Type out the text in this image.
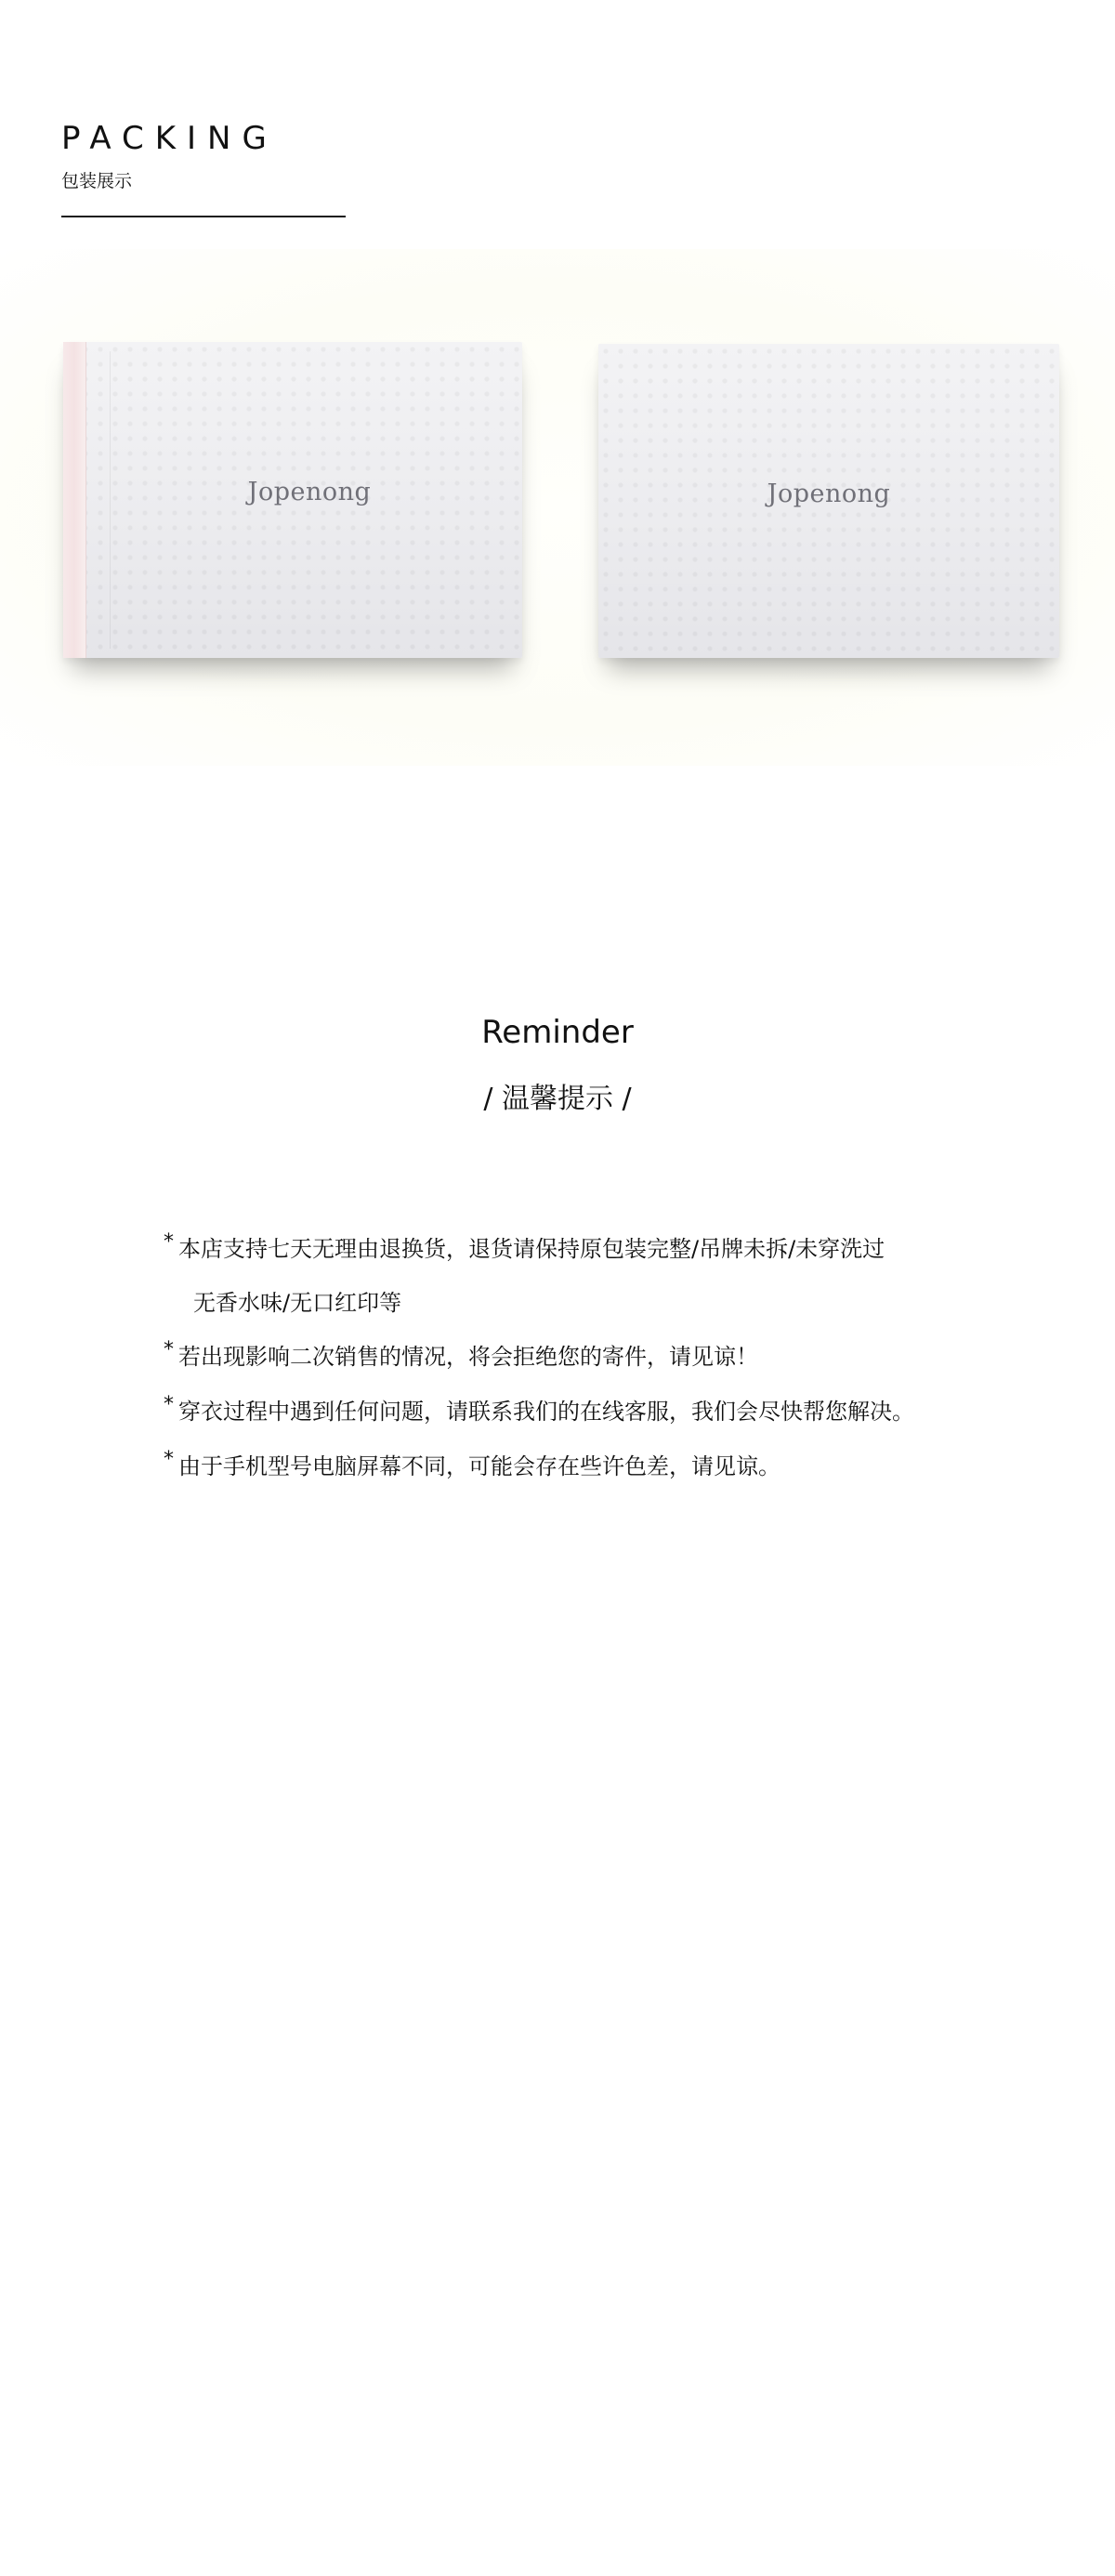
PACKING
包装展示
Jopenong	Jopenong
Reminder
/ 温馨提示 /
* 本店支持七天无理由退换货，退货请保持原包装完整/吊牌未拆/未穿洗过
无香水味/无口红印等
* 若出现影响二次销售的情况，将会拒绝您的寄件，请见谅！
* 穿衣过程中遇到任何问题，请联系我们的在线客服，我们会尽快帮您解决。
* 由于手机型号电脑屏幕不同，可能会存在些许色差，请见谅。
